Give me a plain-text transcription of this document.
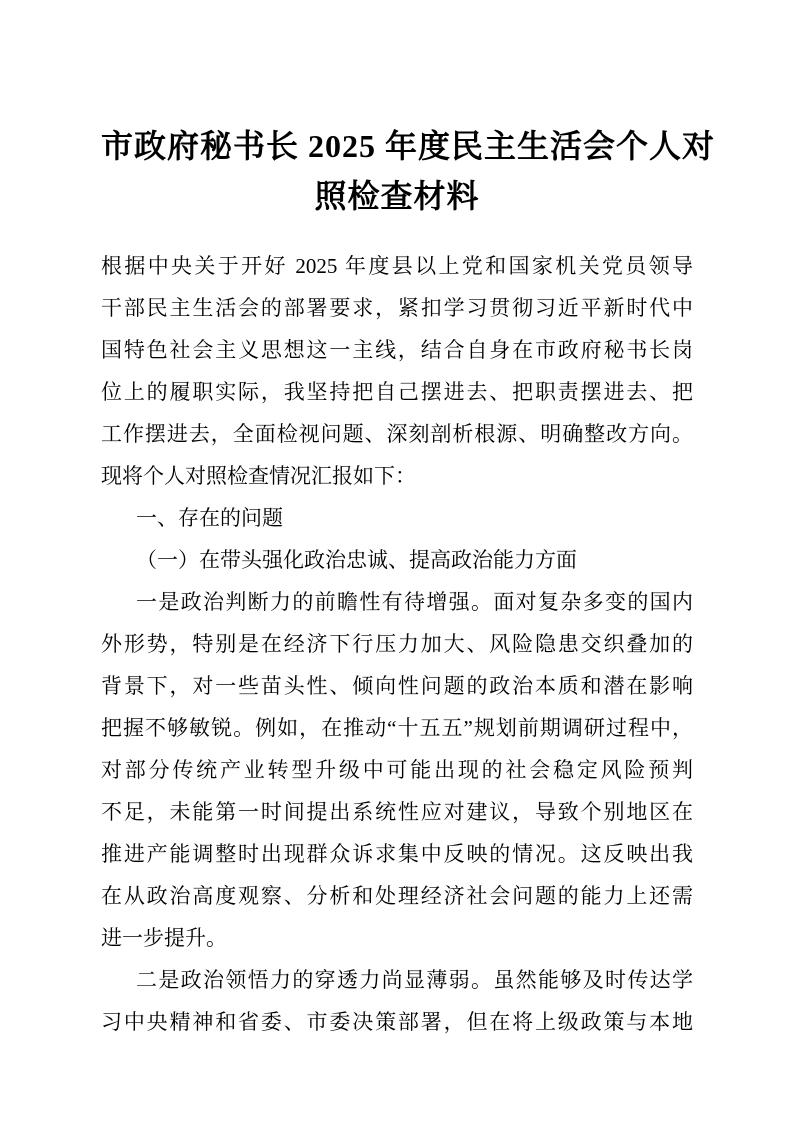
市政府秘书长 2025 年度民主生活会个人对
照检查材料
根据中央关于开好 2025 年度县以上党和国家机关党员领导
干部民主生活会的部署要求，紧扣学习贯彻习近平新时代中
国特色社会主义思想这一主线，结合自身在市政府秘书长岗
位上的履职实际，我坚持把自己摆进去、把职责摆进去、把
工作摆进去，全面检视问题、深刻剖析根源、明确整改方向。
现将个人对照检查情况汇报如下：
一、存在的问题
（一）在带头强化政治忠诚、提高政治能力方面
一是政治判断力的前瞻性有待增强。面对复杂多变的国内
外形势，特别是在经济下行压力加大、风险隐患交织叠加的
背景下，对一些苗头性、倾向性问题的政治本质和潜在影响
把握不够敏锐。例如，在推动“十五五”规划前期调研过程中，
对部分传统产业转型升级中可能出现的社会稳定风险预判
不足，未能第一时间提出系统性应对建议，导致个别地区在
推进产能调整时出现群众诉求集中反映的情况。这反映出我
在从政治高度观察、分析和处理经济社会问题的能力上还需
进一步提升。
二是政治领悟力的穿透力尚显薄弱。虽然能够及时传达学
习中央精神和省委、市委决策部署，但在将上级政策与本地
